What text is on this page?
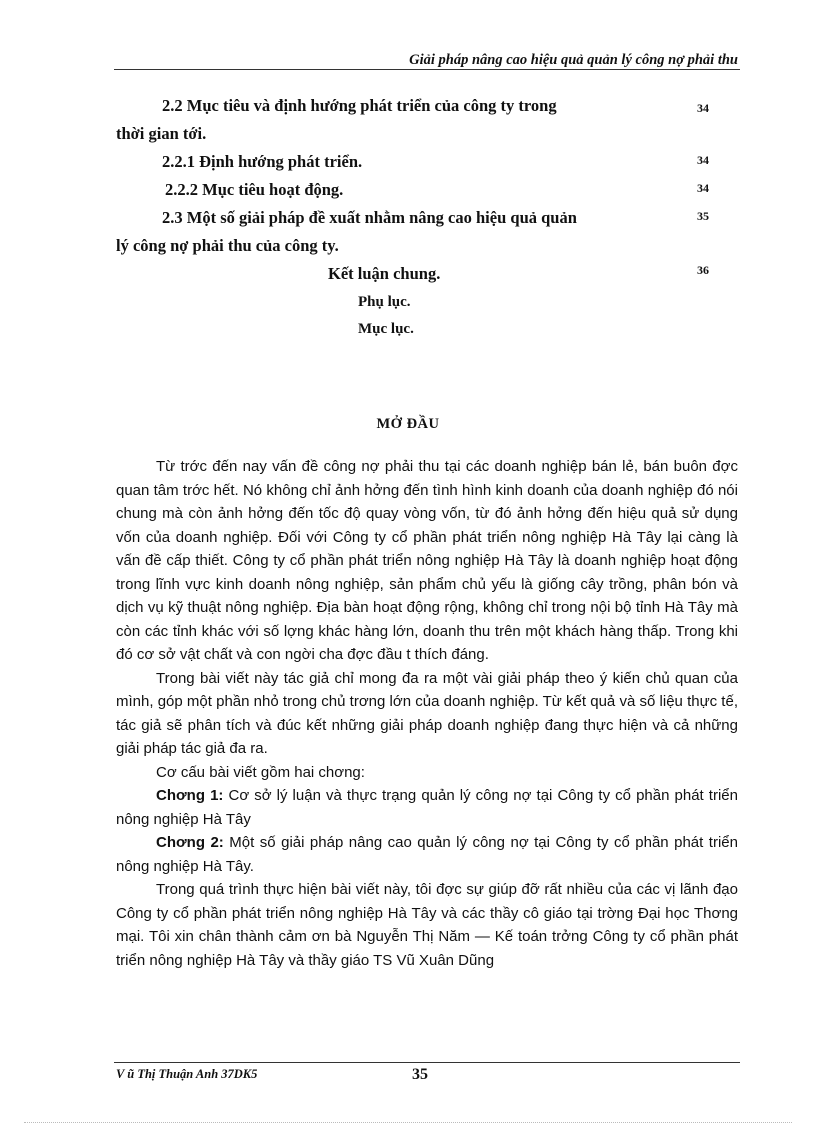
Giải pháp nâng cao hiệu quả quản lý công nợ phải thu
2.2 Mục tiêu và định hướng phát triển của công ty trong	34
thời gian tới.
2.2.1 Định hướng phát triển.	34
2.2.2 Mục tiêu hoạt động.	34
2.3 Một số giải pháp đề xuất nhằm nâng cao hiệu quả quản	35
lý công nợ phải thu của công ty.
Kết luận chung.	36
Phụ lục.
Mục lục.
MỞ ĐẦU

Từ trớc đến nay vấn đề công nợ phải thu tại các doanh nghiệp bán lẻ, bán buôn đợc quan tâm trớc hết. Nó không chỉ ảnh hởng đến tình hình kinh doanh của doanh nghiệp đó nói chung mà còn ảnh hởng đến tốc độ quay vòng vốn, từ đó ảnh hởng đến hiệu quả sử dụng vốn của doanh nghiệp. Đối với Công ty cổ phần phát triển nông nghiệp Hà Tây lại càng là vấn đề cấp thiết. Công ty cổ phần phát triển nông nghiệp Hà Tây là doanh nghiệp hoạt động trong lĩnh vực kinh doanh nông nghiệp, sản phẩm chủ yếu là giống cây trồng, phân bón và dịch vụ kỹ thuật nông nghiệp. Địa bàn hoạt động rộng, không chỉ trong nội bộ tỉnh Hà Tây mà còn các tỉnh khác với số lợng khác hàng lớn, doanh thu trên một khách hàng thấp. Trong khi đó cơ sở vật chất và con ngời cha đợc đầu t thích đáng.

Trong bài viết này tác giả chỉ mong đa ra một vài giải pháp theo ý kiến chủ quan của mình, góp một phần nhỏ trong chủ trơng lớn của doanh nghiệp. Từ kết quả và số liệu thực tế, tác giả sẽ phân tích và đúc kết những giải pháp doanh nghiệp đang thực hiện và cả những giải pháp tác giả đa ra.

Cơ cấu bài viết gồm hai chơng:

Chơng 1: Cơ sở lý luận và thực trạng quản lý công nợ tại Công ty cổ phần phát triển nông nghiệp Hà Tây

Chơng 2: Một số giải pháp nâng cao quản lý công nợ tại Công ty cổ phần phát triển nông nghiệp Hà Tây.

Trong quá trình thực hiện bài viết này, tôi đợc sự giúp đỡ rất nhiều của các vị lãnh đạo Công ty cổ phần phát triển nông nghiệp Hà Tây và các thầy cô giáo tại trờng Đại học Thơng mại. Tôi xin chân thành cảm ơn bà Nguyễn Thị Năm — Kế toán trởng Công ty cổ phần phát triển nông nghiệp Hà Tây và thầy giáo TS Vũ Xuân Dũng

V ũ Thị Thuận Anh 37DK5	35
